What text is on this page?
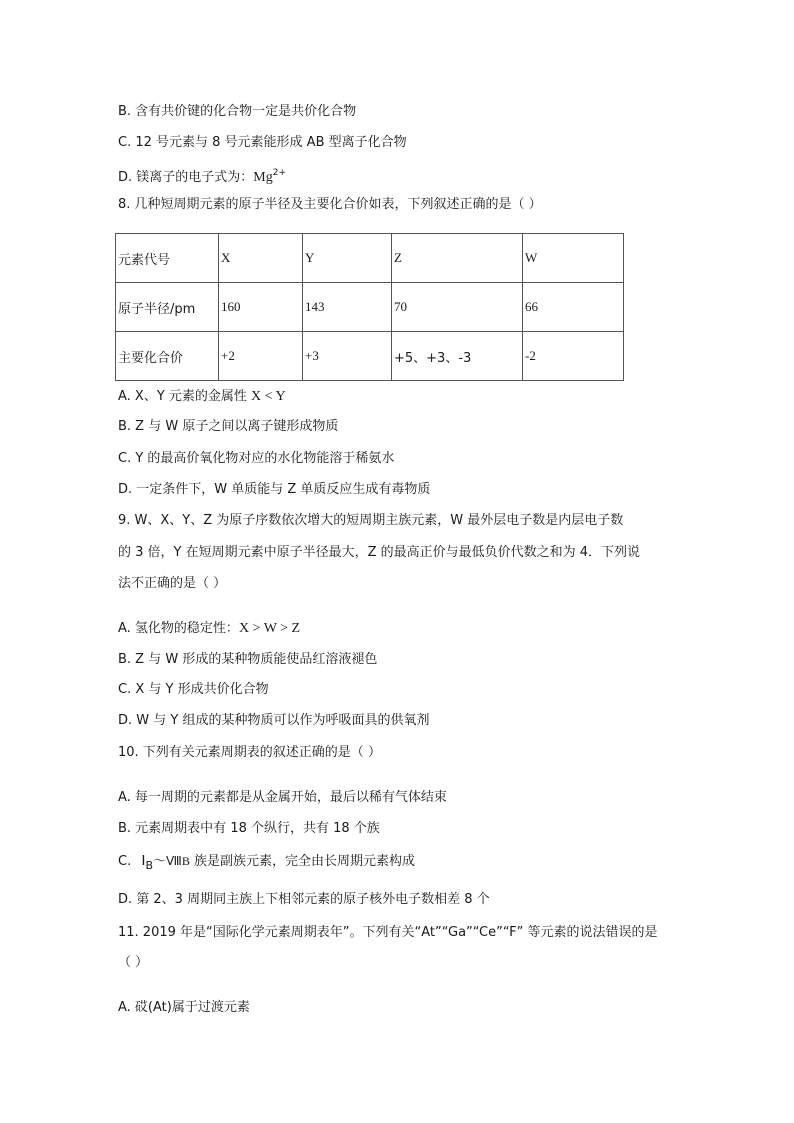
B. 含有共价键的化合物一定是共价化合物
C. 12 号元素与 8 号元素能形成 AB 型离子化合物
D. 镁离子的电子式为：$Mg^{2+}$
8. 几种短周期元素的原子半径及主要化合价如表，下列叙述正确的是（ ）
元素代号	X	Y	Z	W
原子半径/pm	160	143	70	66
主要化合价	+2	+3	+5、+3、-3	-2
A. X、Y 元素的金属性 X < Y
B. Z 与 W 原子之间以离子键形成物质
C. Y 的最高价氧化物对应的水化物能溶于稀氨水
D. 一定条件下，W 单质能与 Z 单质反应生成有毒物质
9. W、X、Y、Z 为原子序数依次增大的短周期主族元素，W 最外层电子数是内层电子数
的 3 倍，Y 在短周期元素中原子半径最大，Z 的最高正价与最低负价代数之和为 4．下列说
法不正确的是（ ）
A. 氢化物的稳定性：X > W > Z
B. Z 与 W 形成的某种物质能使品红溶液褪色
C. X 与 Y 形成共价化合物
D. W 与 Y 组成的某种物质可以作为呼吸面具的供氧剂
10. 下列有关元素周期表的叙述正确的是（ ）
A. 每一周期的元素都是从金属开始，最后以稀有气体结束
B. 元素周期表中有 18 个纵行，共有 18 个族
C. $Ⅰ_B\sim ⅧB$ 族是副族元素，完全由长周期元素构成
D. 第 2、3 周期同主族上下相邻元素的原子核外电子数相差 8 个
11. 2019 年是“国际化学元素周期表年”。下列有关“At”“Ga”“Ce”“F” 等元素的说法错误的是
（ ）
A. 砹(At)属于过渡元素
